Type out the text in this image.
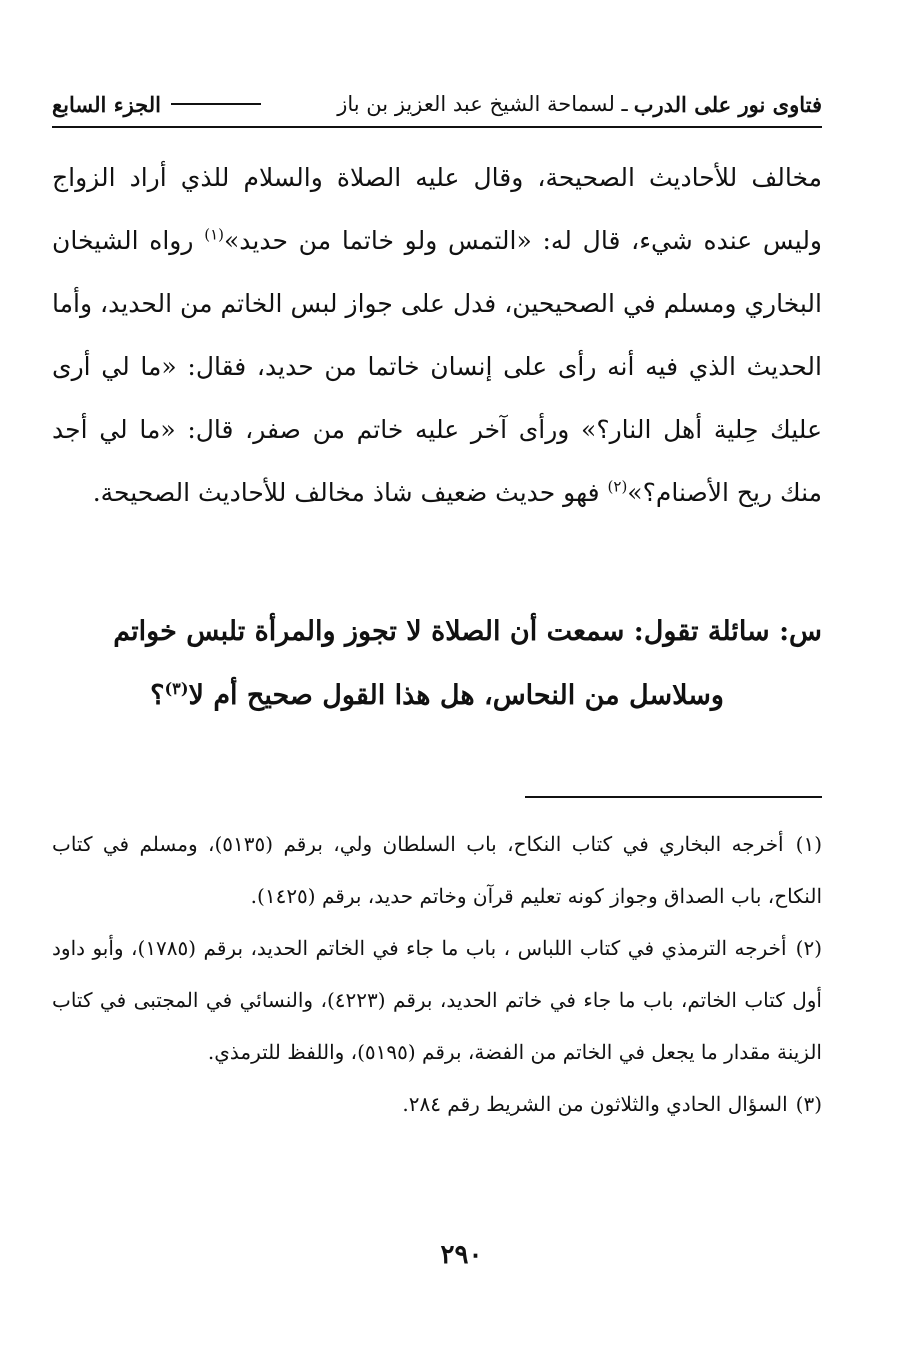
فتاوى نور على الدرب
ـ لسماحة الشيخ عبد العزيز بن باز
الجزء السابع

مخالف للأحاديث الصحيحة، وقال عليه الصلاة والسلام للذي أراد الزواج وليس عنده شيء، قال له: «التمس ولو خاتما من حديد»$^{(١)}$ رواه الشيخان البخاري ومسلم في الصحيحين، فدل على جواز لبس الخاتم من الحديد، وأما الحديث الذي فيه أنه رأى على إنسان خاتما من حديد، فقال: «ما لي أرى عليك حِلية أهل النار؟» ورأى آخر عليه خاتم من صفر، قال: «ما لي أجد منك ريح الأصنام؟»$^{(٢)}$ فهو حديث ضعيف شاذ مخالف للأحاديث الصحيحة.

س: سائلة تقول: سمعت أن الصلاة لا تجوز والمرأة تلبس خواتم
وسلاسل من النحاس، هل هذا القول صحيح أم لا$^{(٣)}$؟

(١) أخرجه البخاري في كتاب النكاح، باب السلطان ولي، برقم (٥١٣٥)، ومسلم في كتاب النكاح، باب الصداق وجواز كونه تعليم قرآن وخاتم حديد، برقم (١٤٢٥).

(٢) أخرجه الترمذي في كتاب اللباس ، باب ما جاء في الخاتم الحديد، برقم (١٧٨٥)، وأبو داود أول كتاب الخاتم، باب ما جاء في خاتم الحديد، برقم (٤٢٢٣)، والنسائي في المجتبى في كتاب الزينة مقدار ما يجعل في الخاتم من الفضة، برقم (٥١٩٥)، واللفظ للترمذي.

(٣) السؤال الحادي والثلاثون من الشريط رقم ٢٨٤.

٢٩٠
